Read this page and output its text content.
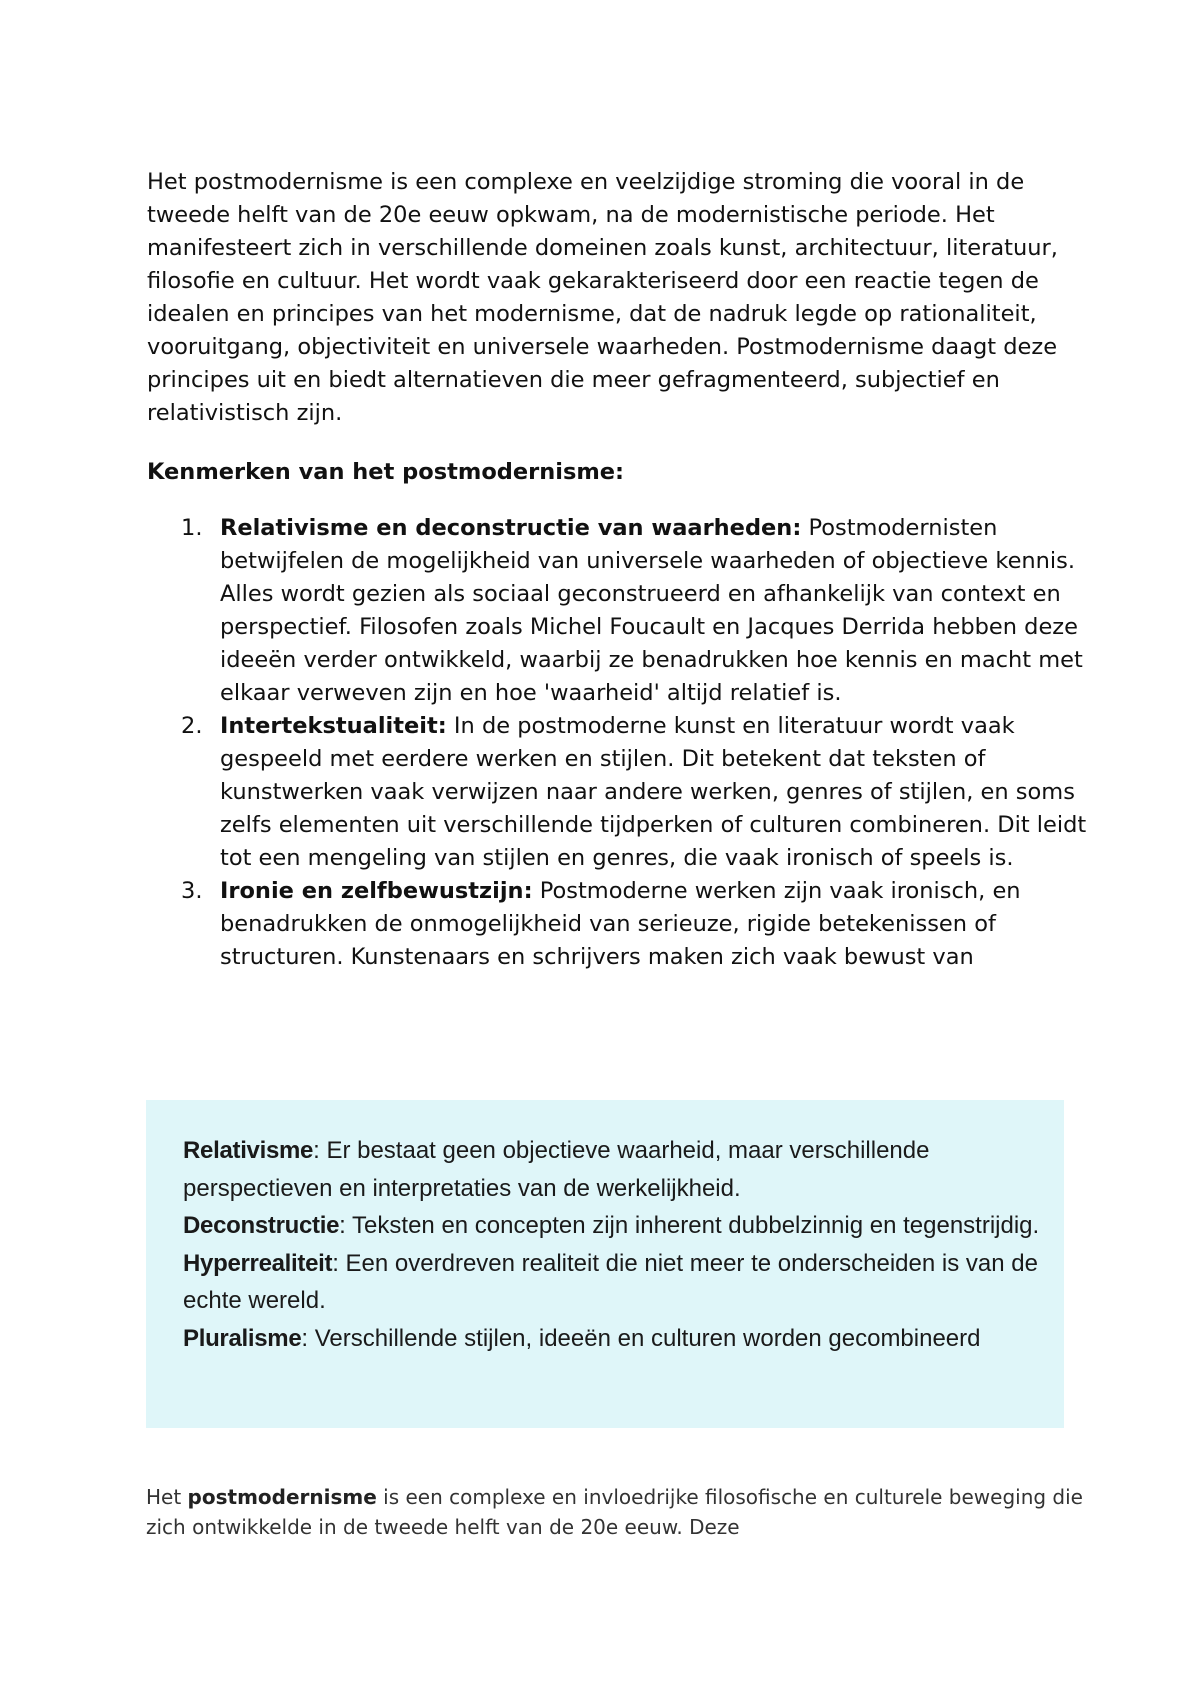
Het postmodernisme is een complexe en veelzijdige stroming die vooral in de tweede helft van de 20e eeuw opkwam, na de modernistische periode. Het manifesteert zich in verschillende domeinen zoals kunst, architectuur, literatuur, filosofie en cultuur. Het wordt vaak gekarakteriseerd door een reactie tegen de idealen en principes van het modernisme, dat de nadruk legde op rationaliteit, vooruitgang, objectiviteit en universele waarheden. Postmodernisme daagt deze principes uit en biedt alternatieven die meer gefragmenteerd, subjectief en relativistisch zijn.

Kenmerken van het postmodernisme:

1. Relativisme en deconstructie van waarheden: Postmodernisten betwijfelen de mogelijkheid van universele waarheden of objectieve kennis. Alles wordt gezien als sociaal geconstrueerd en afhankelijk van context en perspectief. Filosofen zoals Michel Foucault en Jacques Derrida hebben deze ideeën verder ontwikkeld, waarbij ze benadrukken hoe kennis en macht met elkaar verweven zijn en hoe 'waarheid' altijd relatief is.
2. Intertekstualiteit: In de postmoderne kunst en literatuur wordt vaak gespeeld met eerdere werken en stijlen. Dit betekent dat teksten of kunstwerken vaak verwijzen naar andere werken, genres of stijlen, en soms zelfs elementen uit verschillende tijdperken of culturen combineren. Dit leidt tot een mengeling van stijlen en genres, die vaak ironisch of speels is.
3. Ironie en zelfbewustzijn: Postmoderne werken zijn vaak ironisch, en benadrukken de onmogelijkheid van serieuze, rigide betekenissen of structuren. Kunstenaars en schrijvers maken zich vaak bewust van
Relativisme: Er bestaat geen objectieve waarheid, maar verschillende perspectieven en interpretaties van de werkelijkheid.
Deconstructie: Teksten en concepten zijn inherent dubbelzinnig en tegenstrijdig.
Hyperrealiteit: Een overdreven realiteit die niet meer te onderscheiden is van de echte wereld.
Pluralisme: Verschillende stijlen, ideeën en culturen worden gecombineerd

Het postmodernisme is een complexe en invloedrijke filosofische en culturele beweging die zich ontwikkelde in de tweede helft van de 20e eeuw. Deze
